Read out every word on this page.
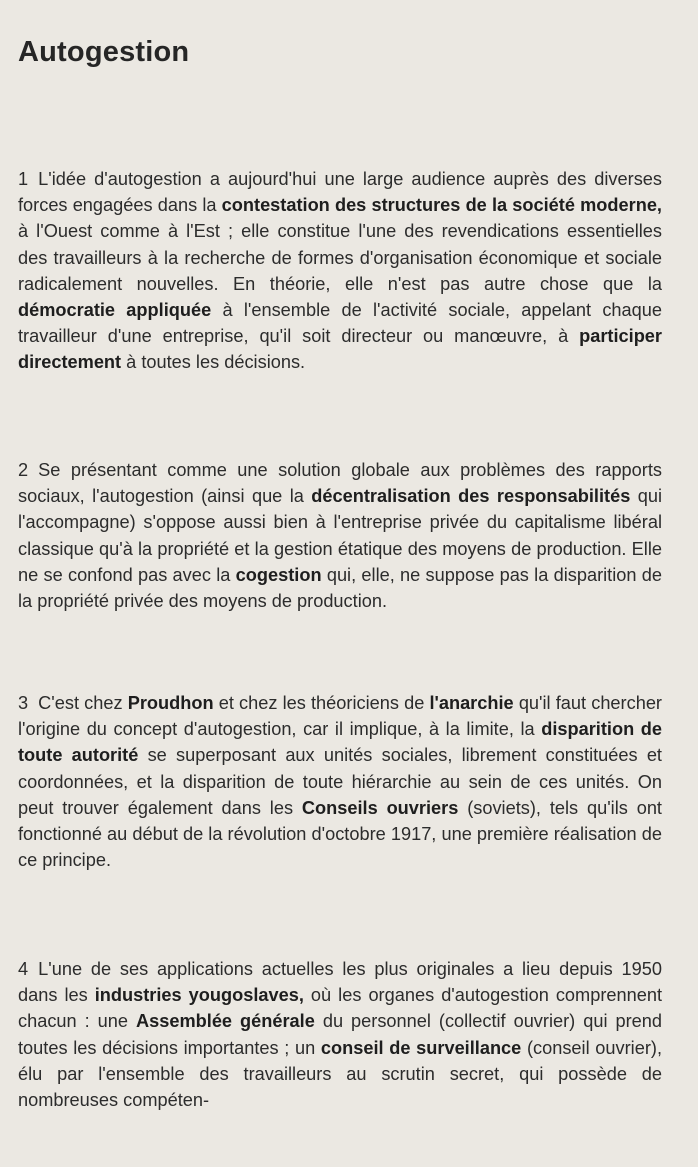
Autogestion

1 L'idée d'autogestion a aujourd'hui une large audience auprès des diverses forces engagées dans la contestation des structures de la société moderne, à l'Ouest comme à l'Est ; elle constitue l'une des revendications essentielles des travailleurs à la recherche de formes d'organisation économique et sociale radicalement nouvelles. En théorie, elle n'est pas autre chose que la démocratie appliquée à l'ensemble de l'activité sociale, appelant chaque travailleur d'une entreprise, qu'il soit directeur ou manœuvre, à participer directement à toutes les décisions.

2 Se présentant comme une solution globale aux problèmes des rapports sociaux, l'autogestion (ainsi que la décentralisation des responsabilités qui l'accompagne) s'oppose aussi bien à l'entreprise privée du capitalisme libéral classique qu'à la propriété et la gestion étatique des moyens de production. Elle ne se confond pas avec la cogestion qui, elle, ne suppose pas la disparition de la propriété privée des moyens de production.

3 C'est chez Proudhon et chez les théoriciens de l'anarchie qu'il faut chercher l'origine du concept d'autogestion, car il implique, à la limite, la disparition de toute autorité se superposant aux unités sociales, librement constituées et coordonnées, et la disparition de toute hiérarchie au sein de ces unités. On peut trouver également dans les Conseils ouvriers (soviets), tels qu'ils ont fonctionné au début de la révolution d'octobre 1917, une première réalisation de ce principe.

4 L'une de ses applications actuelles les plus originales a lieu depuis 1950 dans les industries yougoslaves, où les organes d'autogestion comprennent chacun : une Assemblée générale du personnel (collectif ouvrier) qui prend toutes les décisions importantes ; un conseil de surveillance (conseil ouvrier), élu par l'ensemble des travailleurs au scrutin secret, qui possède de nombreuses compéten-
